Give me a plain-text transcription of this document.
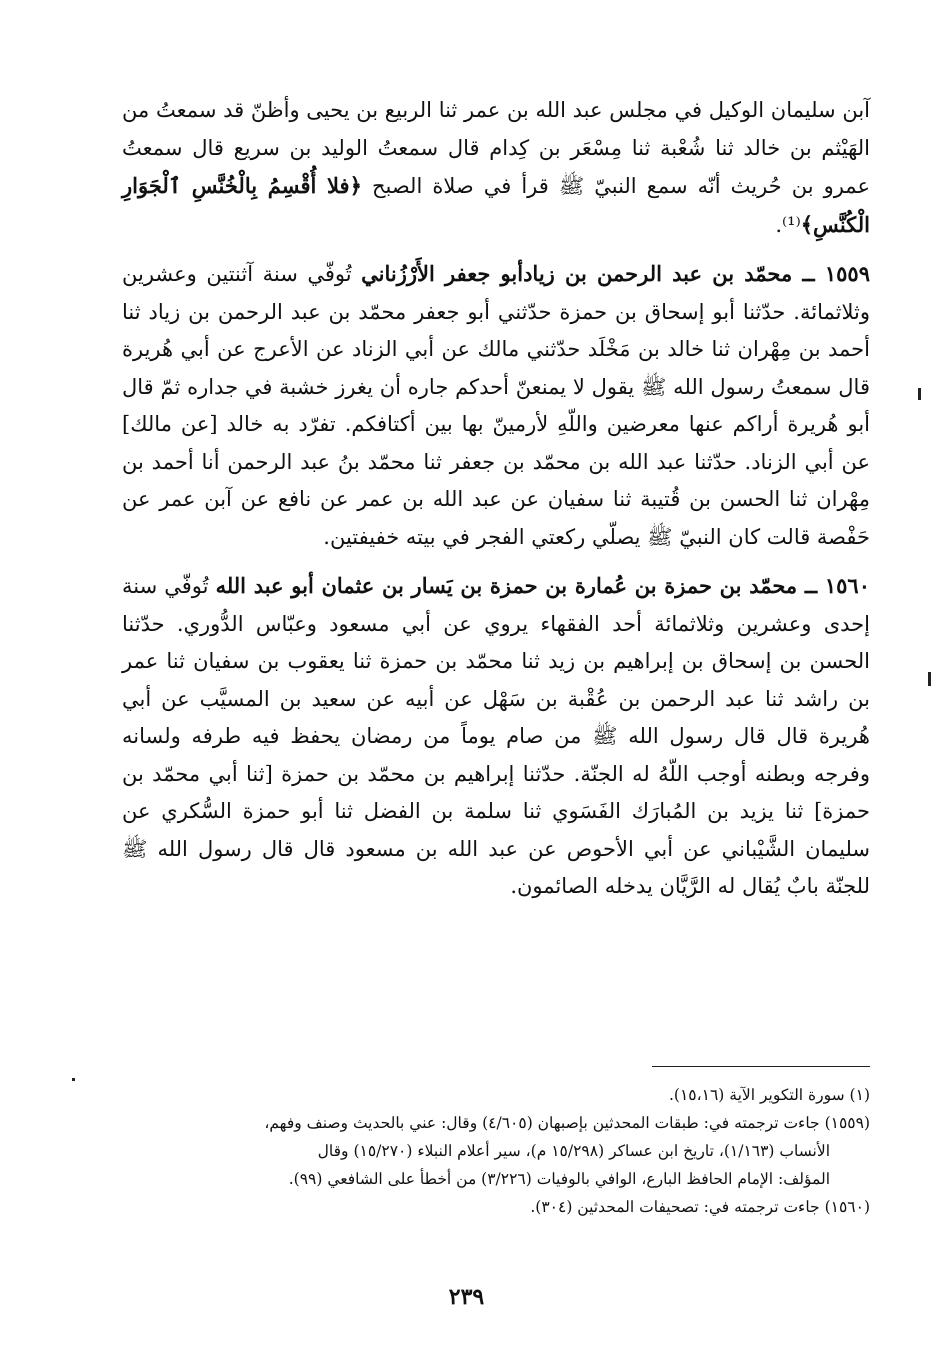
آبن سليمان الوكيل في مجلس عبد الله بن عمر ثنا الربيع بن يحيى وأظنّ قد سمعتُ من الهَيْثم بن خالد ثنا شُعْبة ثنا مِسْعَر بن كِدام قال سمعتُ الوليد بن سريع قال سمعتُ عمرو بن حُريث أنّه سمع النبيّ ﷺ قرأ في صلاة الصبح ﴿فلا أُقْسِمُ بِالْخُنَّسِ ٱلْجَوَارِ الْكُنَّسِ﴾⁽¹⁾.

١٥٥٩ ــ محمّد بن عبد الرحمن بن زيادأبو جعفر الأَرْزُناني تُوفّي سنة آثنتين وعشرين وثلاثمائة. حدّثنا أبو إسحاق بن حمزة حدّثني أبو جعفر محمّد بن عبد الرحمن بن زياد ثنا أحمد بن مِهْران ثنا خالد بن مَخْلَد حدّثني مالك عن أبي الزناد عن الأعرج عن أبي هُريرة قال سمعتُ رسول الله ﷺ يقول لا يمنعنّ أحدكم جاره أن يغرز خشبة في جداره ثمّ قال أبو هُريرة أراكم عنها معرضين واللّهِ لأرمينّ بها بين أكتافكم. تفرّد به خالد [عن مالك] عن أبي الزناد. حدّثنا عبد الله بن محمّد بن جعفر ثنا محمّد بنُ عبد الرحمن أنا أحمد بن مِهْران ثنا الحسن بن قُتيبة ثنا سفيان عن عبد الله بن عمر عن نافع عن آبن عمر عن حَفْصة قالت كان النبيّ ﷺ يصلّي ركعتي الفجر في بيته خفيفتين.

١٥٦٠ ــ محمّد بن حمزة بن عُمارة بن حمزة بن يَسار بن عثمان أبو عبد الله تُوفّي سنة إحدى وعشرين وثلاثمائة أحد الفقهاء يروي عن أبي مسعود وعبّاس الدُّوري. حدّثنا الحسن بن إسحاق بن إبراهيم بن زيد ثنا محمّد بن حمزة ثنا يعقوب بن سفيان ثنا عمر بن راشد ثنا عبد الرحمن بن عُقْبة بن سَهْل عن أبيه عن سعيد بن المسيَّب عن أبي هُريرة قال قال رسول الله ﷺ من صام يوماً من رمضان يحفظ فيه طرفه ولسانه وفرجه وبطنه أوجب اللّهُ له الجنّة. حدّثنا إبراهيم بن محمّد بن حمزة [ثنا أبي محمّد بن حمزة] ثنا يزيد بن المُبارَك الفَسَوي ثنا سلمة بن الفضل ثنا أبو حمزة السُّكري عن سليمان الشَّيْباني عن أبي الأحوص عن عبد الله بن مسعود قال قال رسول الله ﷺ للجنّة بابٌ يُقال له الرَّيَّان يدخله الصائمون.

(١) سورة التكوير الآية (١٥،١٦).

(١٥٥٩) جاءت ترجمته في: طبقات المحدثين بإصبهان (٤/٦٠٥) وقال: عني بالحديث وصنف وفهم،

الأنساب (١/١٦٣)، تاريخ ابن عساكر (١٥/٢٩٨ م)، سير أعلام النبلاء (١٥/٢٧٠) وقال

المؤلف: الإمام الحافظ البارع، الوافي بالوفيات (٣/٢٢٦) من أخطأ على الشافعي (٩٩).

(١٥٦٠) جاءت ترجمته في: تصحيفات المحدثين (٣٠٤).

٢٣٩
